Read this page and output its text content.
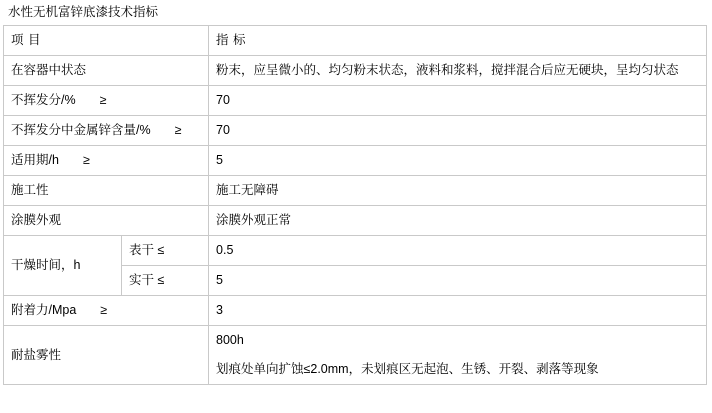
水性无机富锌底漆技术指标
项 目		指 标
在容器中状态		粉末，应呈微小的、均匀粉末状态，液料和浆料，搅拌混合后应无硬块，呈均匀状态
不挥发分/% ≥		70
不挥发分中金属锌含量/% ≥		70
适用期/h ≥		5
施工性		施工无障碍
涂膜外观		涂膜外观正常
干燥时间，h	表干 ≤	0.5
	实干 ≤	5
附着力/Mpa ≥		3
耐盐雾性		800h
		划痕处单向扩蚀≤2.0mm，未划痕区无起泡、生锈、开裂、剥落等现象
